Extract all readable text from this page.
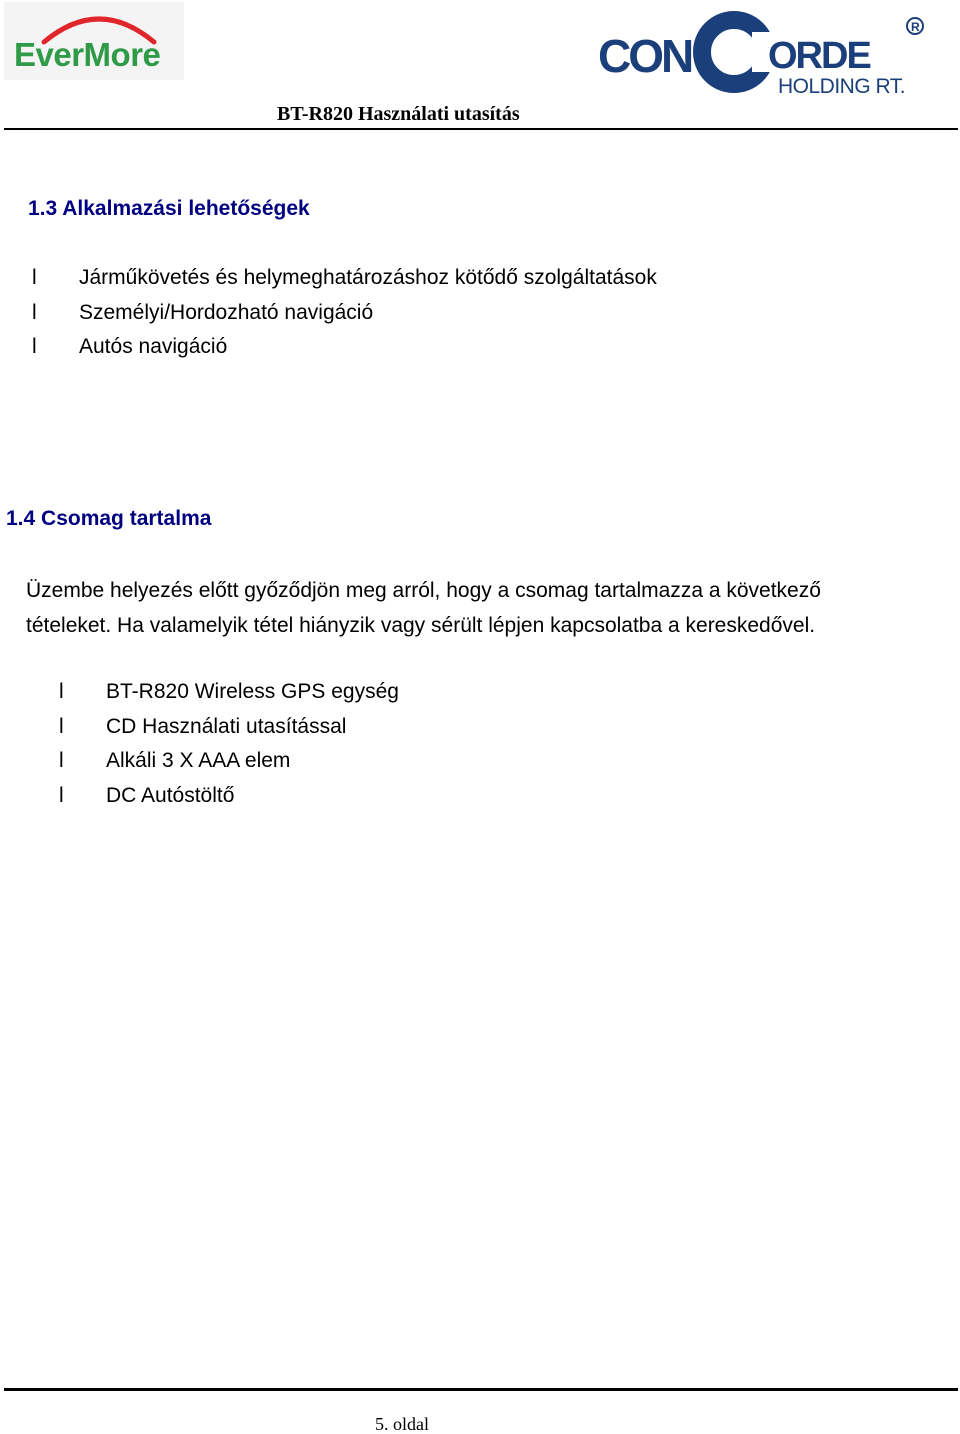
EverMore	CON ORDE
R
HOLDING RT.
BT-R820 Használati utasítás
1.3 Alkalmazási lehetőségek
l Járműkövetés és helymeghatározáshoz kötődő szolgáltatások
l Személyi/Hordozható navigáció
l Autós navigáció
1.4 Csomag tartalma
Üzembe helyezés előtt győződjön meg arról, hogy a csomag tartalmazza a következő
tételeket. Ha valamelyik tétel hiányzik vagy sérült lépjen kapcsolatba a kereskedővel.
l BT-R820 Wireless GPS egység
l CD Használati utasítással
l Alkáli 3 X AAA elem
l DC Autóstöltő
5. oldal
